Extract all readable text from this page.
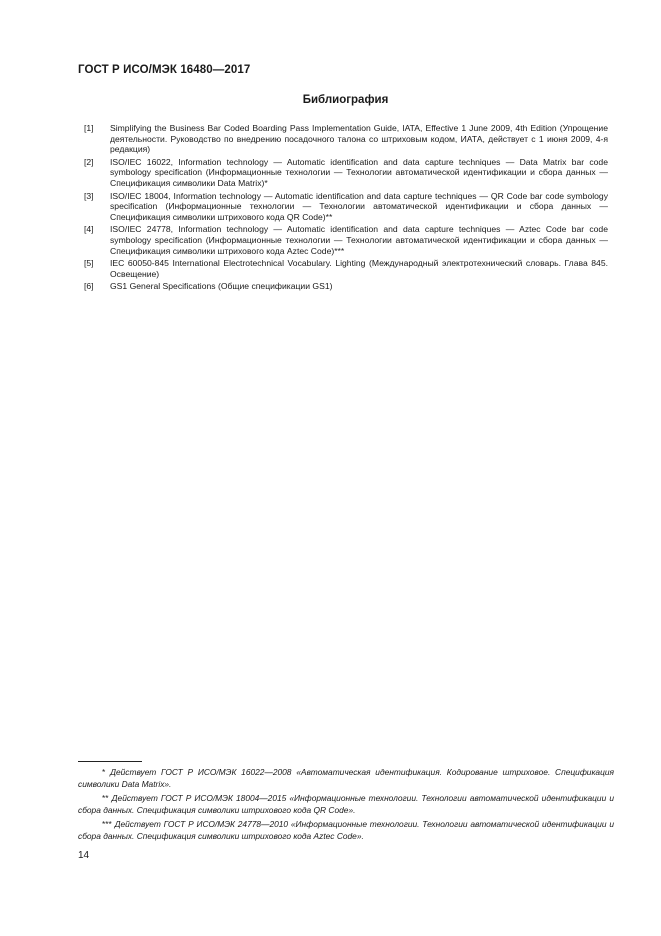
ГОСТ Р ИСО/МЭК 16480—2017
Библиография
[1]	Simplifying the Business Bar Coded Boarding Pass Implementation Guide, IATA, Effective 1 June 2009, 4th Edition (Упрощение деятельности. Руководство по внедрению посадочного талона со штриховым кодом, ИАТА, действует с 1 июня 2009, 4-я редакция)
[2]	ISO/IEC 16022, Information technology — Automatic identification and data capture techniques — Data Matrix bar code symbology specification (Информационные технологии — Технологии автоматической идентификации и сбора данных — Спецификация символики Data Matrix)*
[3]	ISO/IEC 18004, Information technology — Automatic identification and data capture techniques — QR Code bar code symbology specification (Информационные технологии — Технологии автоматической идентификации и сбора данных — Спецификация символики штрихового кода QR Code)**
[4]	ISO/IEC 24778, Information technology — Automatic identification and data capture techniques — Aztec Code bar code symbology specification (Информационные технологии — Технологии автоматической идентификации и сбора данных — Спецификация символики штрихового кода Aztec Code)***
[5]	IEC 60050-845 International Electrotechnical Vocabulary. Lighting (Международный электротехнический словарь. Глава 845. Освещение)
[6]	GS1 General Specifications (Общие спецификации GS1)
* Действует ГОСТ Р ИСО/МЭК 16022—2008 «Автоматическая идентификация. Кодирование штриховое. Спецификация символики Data Matrix».
** Действует ГОСТ Р ИСО/МЭК 18004—2015 «Информационные технологии. Технологии автоматической идентификации и сбора данных. Спецификация символики штрихового кода QR Code».
*** Действует ГОСТ Р ИСО/МЭК 24778—2010 «Информационные технологии. Технологии автоматической идентификации и сбора данных. Спецификация символики штрихового кода Aztec Code».
14
